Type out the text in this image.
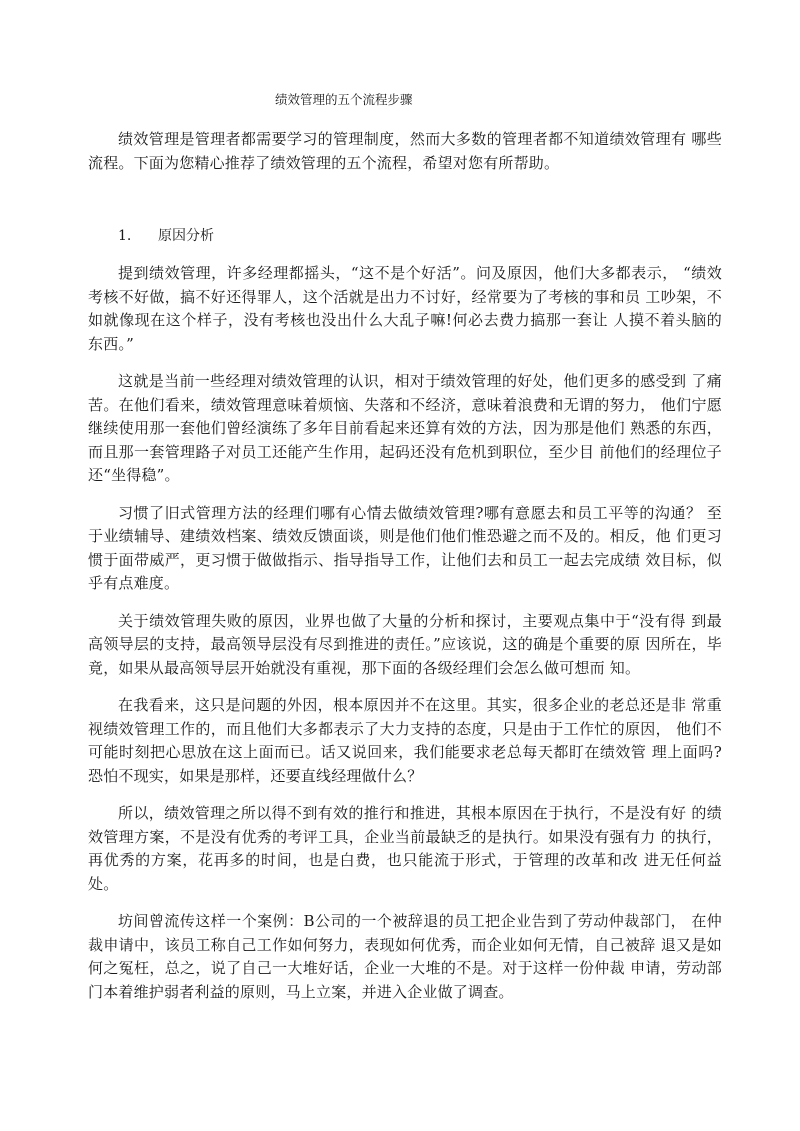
绩效管理的五个流程步骤

绩效管理是管理者都需要学习的管理制度，然而大多数的管理者都不知道绩效管理有 哪些流程。下面为您精心推荐了绩效管理的五个流程，希望对您有所帮助。

1. 原因分析

提到绩效管理，许多经理都摇头，“这不是个好活”。问及原因，他们大多都表示， “绩效考核不好做，搞不好还得罪人，这个活就是出力不讨好，经常要为了考核的事和员 工吵架，不如就像现在这个样子，没有考核也没出什么大乱子嘛!何必去费力搞那一套让 人摸不着头脑的东西。”

这就是当前一些经理对绩效管理的认识，相对于绩效管理的好处，他们更多的感受到 了痛苦。在他们看来，绩效管理意味着烦恼、失落和不经济，意味着浪费和无谓的努力， 他们宁愿继续使用那一套他们曾经演练了多年目前看起来还算有效的方法，因为那是他们 熟悉的东西，而且那一套管理路子对员工还能产生作用，起码还没有危机到职位，至少目 前他们的经理位子还“坐得稳”。

习惯了旧式管理方法的经理们哪有心情去做绩效管理?哪有意愿去和员工平等的沟通？ 至于业绩辅导、建绩效档案、绩效反馈面谈，则是他们他们惟恐避之而不及的。相反，他 们更习惯于面带威严，更习惯于做做指示、指导指导工作，让他们去和员工一起去完成绩 效目标，似乎有点难度。

关于绩效管理失败的原因，业界也做了大量的分析和探讨，主要观点集中于“没有得 到最高领导层的支持，最高领导层没有尽到推进的责任。”应该说，这的确是个重要的原 因所在，毕竟，如果从最高领导层开始就没有重视，那下面的各级经理们会怎么做可想而 知。

在我看来，这只是问题的外因，根本原因并不在这里。其实，很多企业的老总还是非 常重视绩效管理工作的，而且他们大多都表示了大力支持的态度，只是由于工作忙的原因， 他们不可能时刻把心思放在这上面而已。话又说回来，我们能要求老总每天都盯在绩效管 理上面吗?恐怕不现实，如果是那样，还要直线经理做什么？

所以，绩效管理之所以得不到有效的推行和推进，其根本原因在于执行，不是没有好 的绩效管理方案，不是没有优秀的考评工具，企业当前最缺乏的是执行。如果没有强有力 的执行，再优秀的方案，花再多的时间，也是白费，也只能流于形式，于管理的改革和改 进无任何益处。

坊间曾流传这样一个案例：B公司的一个被辞退的员工把企业告到了劳动仲裁部门， 在仲裁申请中，该员工称自己工作如何努力，表现如何优秀，而企业如何无情，自己被辞 退又是如何之冤枉，总之，说了自己一大堆好话，企业一大堆的不是。对于这样一份仲裁 申请，劳动部门本着维护弱者利益的原则，马上立案，并进入企业做了调查。
